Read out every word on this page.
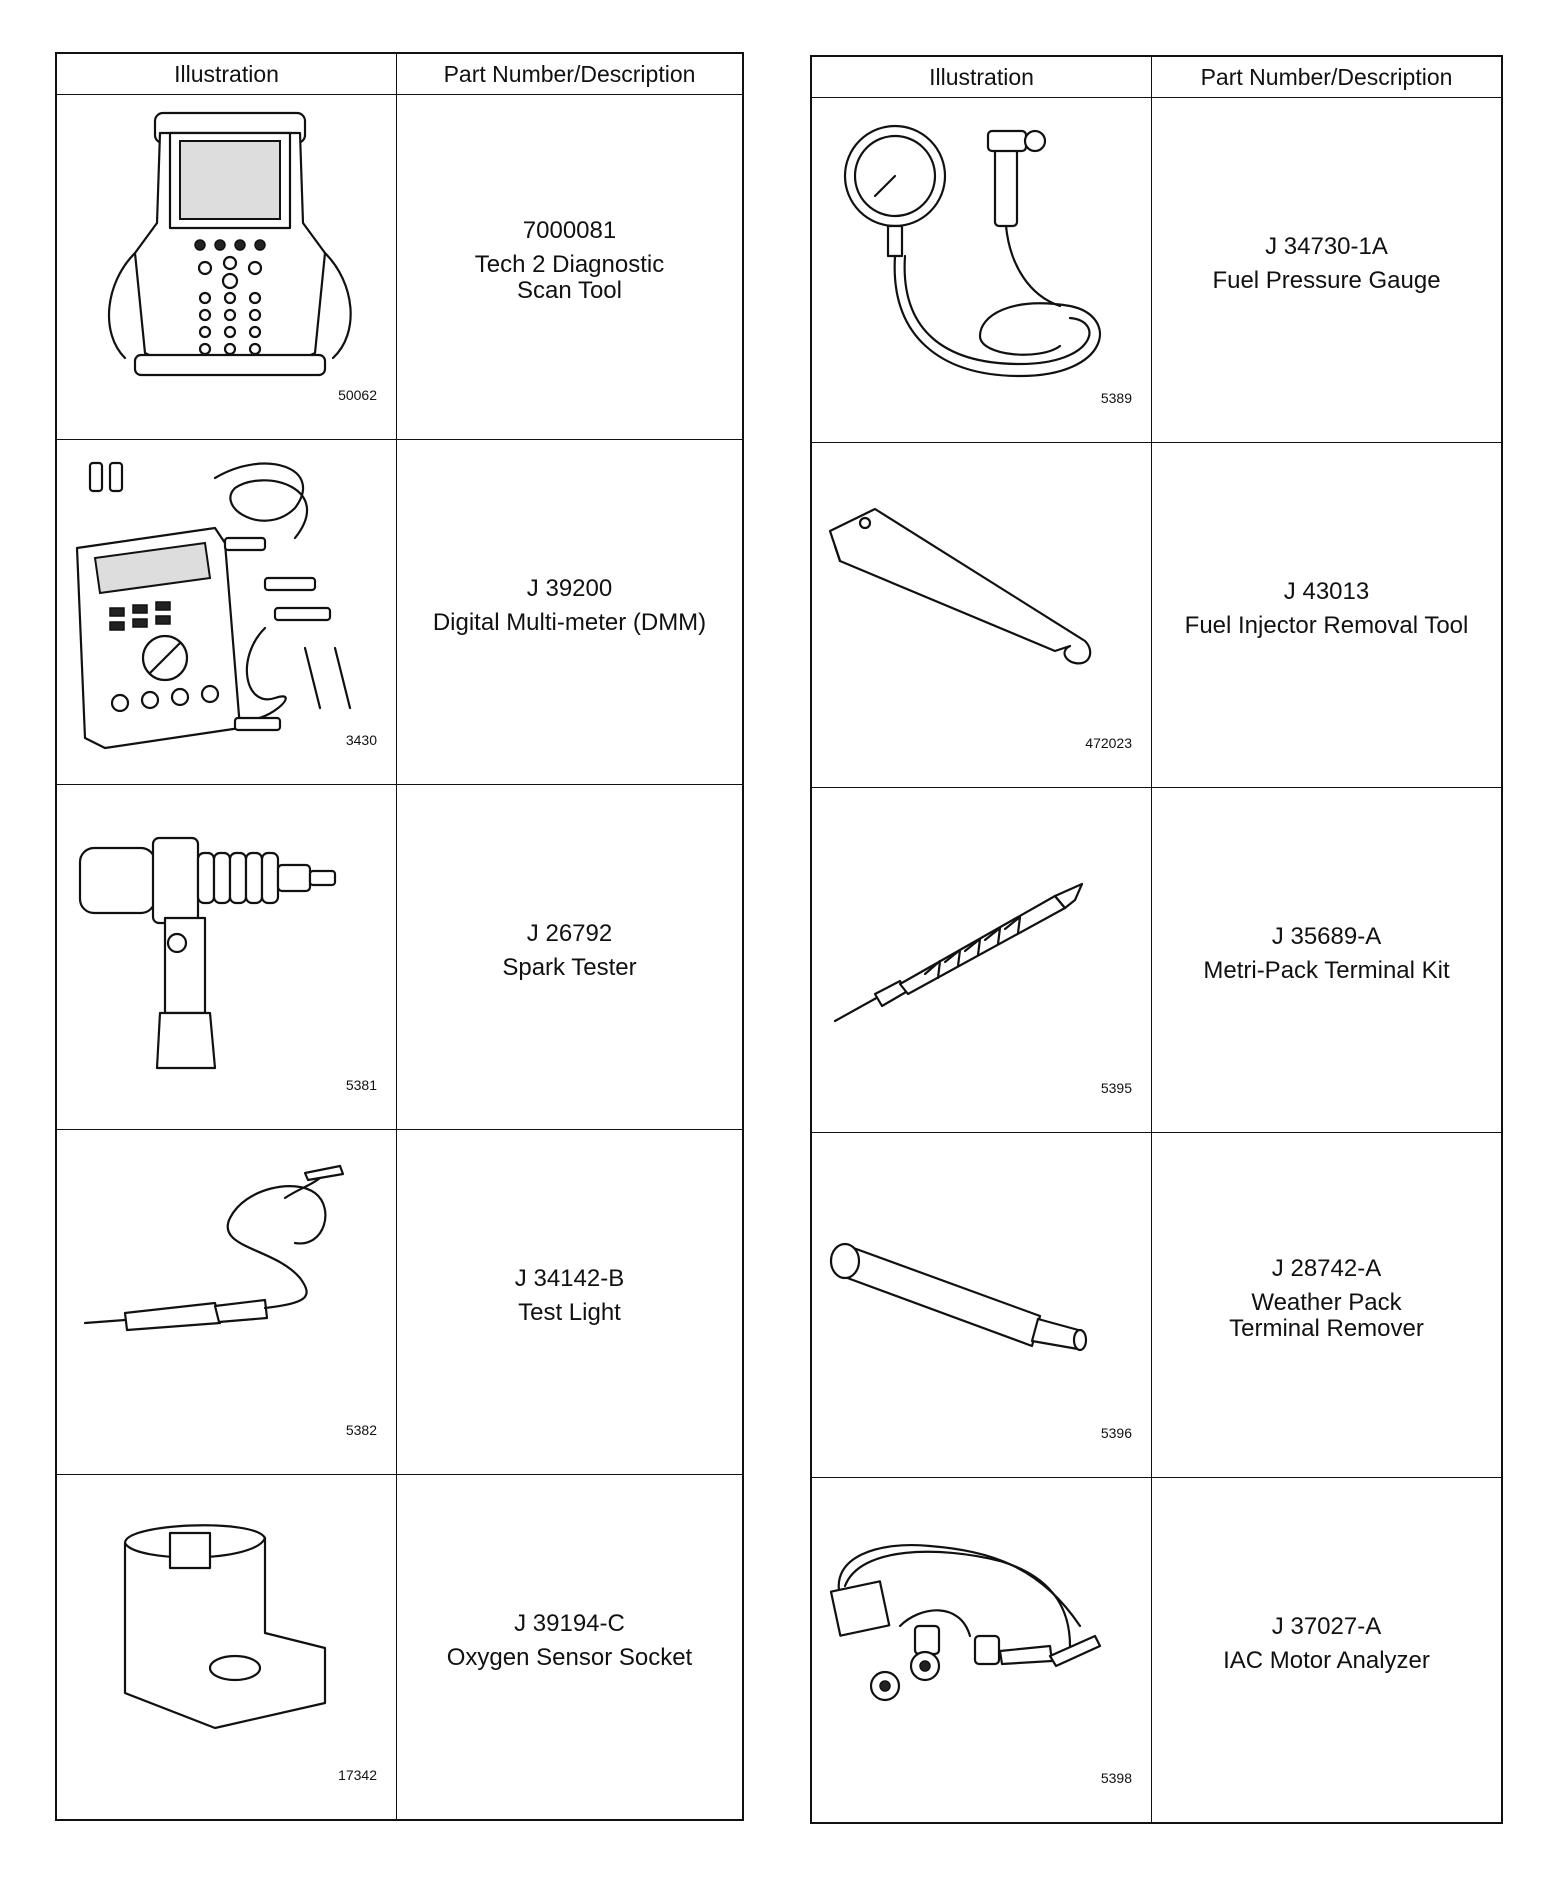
Illustration	Part Number/Description
50062
7000081
Tech 2 Diagnostic
Scan Tool
3430
J 39200
Digital Multi-meter (DMM)
5381
J 26792
Spark Tester
5382
J 34142-B
Test Light
17342
J 39194-C
Oxygen Sensor Socket
Illustration	Part Number/Description
5389
J 34730-1A
Fuel Pressure Gauge
472023
J 43013
Fuel Injector Removal Tool
5395
J 35689-A
Metri-Pack Terminal Kit
5396
J 28742-A
Weather Pack
Terminal Remover
5398
J 37027-A
IAC Motor Analyzer
